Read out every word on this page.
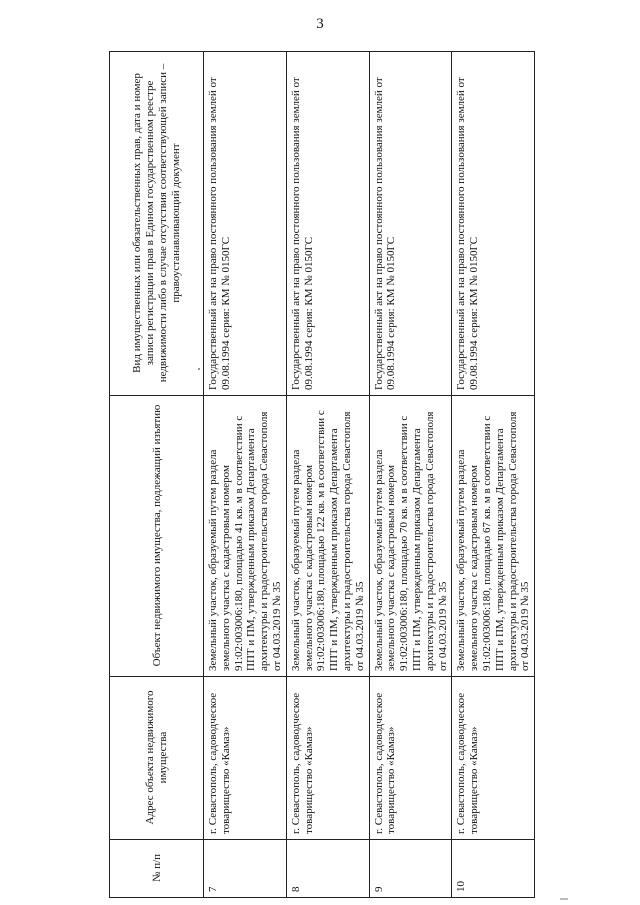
3
№ п/п	Адрес объекта недвижимого имущества	Объект недвижимого имущества, подлежащий изъятию	Вид имущественных или обязательственных прав, дата и номер записи регистрации прав в Едином государственном реестре недвижимости либо в случае отсутствия соответствующей записи – правоустанавливающий документ
7	г. Севастополь, садоводческое товарищество «Камаз»	Земельный участок, образуемый путем раздела земельного участка с кадастровым номером 91:02:003006:180, площадью 41 кв. м в соответствии с ППТ и ПМ, утвержденным приказом Департамента архитектуры и градостроительства города Севастополя от 04.03.2019 № 35	Государственный акт на право постоянного пользования землей от 09.08.1994 серия: КМ № 0150ГС
8	г. Севастополь, садоводческое товарищество «Камаз»	Земельный участок, образуемый путем раздела земельного участка с кадастровым номером 91:02:003006:180, площадью 122 кв. м в соответствии с ППТ и ПМ, утвержденным приказом Департамента архитектуры и градостроительства города Севастополя от 04.03.2019 № 35	Государственный акт на право постоянного пользования землей от 09.08.1994 серия: КМ № 0150ГС
9	г. Севастополь, садоводческое товарищество «Камаз»	Земельный участок, образуемый путем раздела земельного участка с кадастровым номером 91:02:003006:180, площадью 70 кв. м в соответствии с ППТ и ПМ, утвержденным приказом Департамента архитектуры и градостроительства города Севастополя от 04.03.2019 № 35	Государственный акт на право постоянного пользования землей от 09.08.1994 серия: КМ № 0150ГС
10	г. Севастополь, садоводческое товарищество «Камаз»	Земельный участок, образуемый путем раздела земельного участка с кадастровым номером 91:02:003006:180, площадью 67 кв. м в соответствии с ППТ и ПМ, утвержденным приказом Департамента архитектуры и градостроительства города Севастополя от 04.03.2019 № 35	Государственный акт на право постоянного пользования землей от 09.08.1994 серия: КМ № 0150ГС
